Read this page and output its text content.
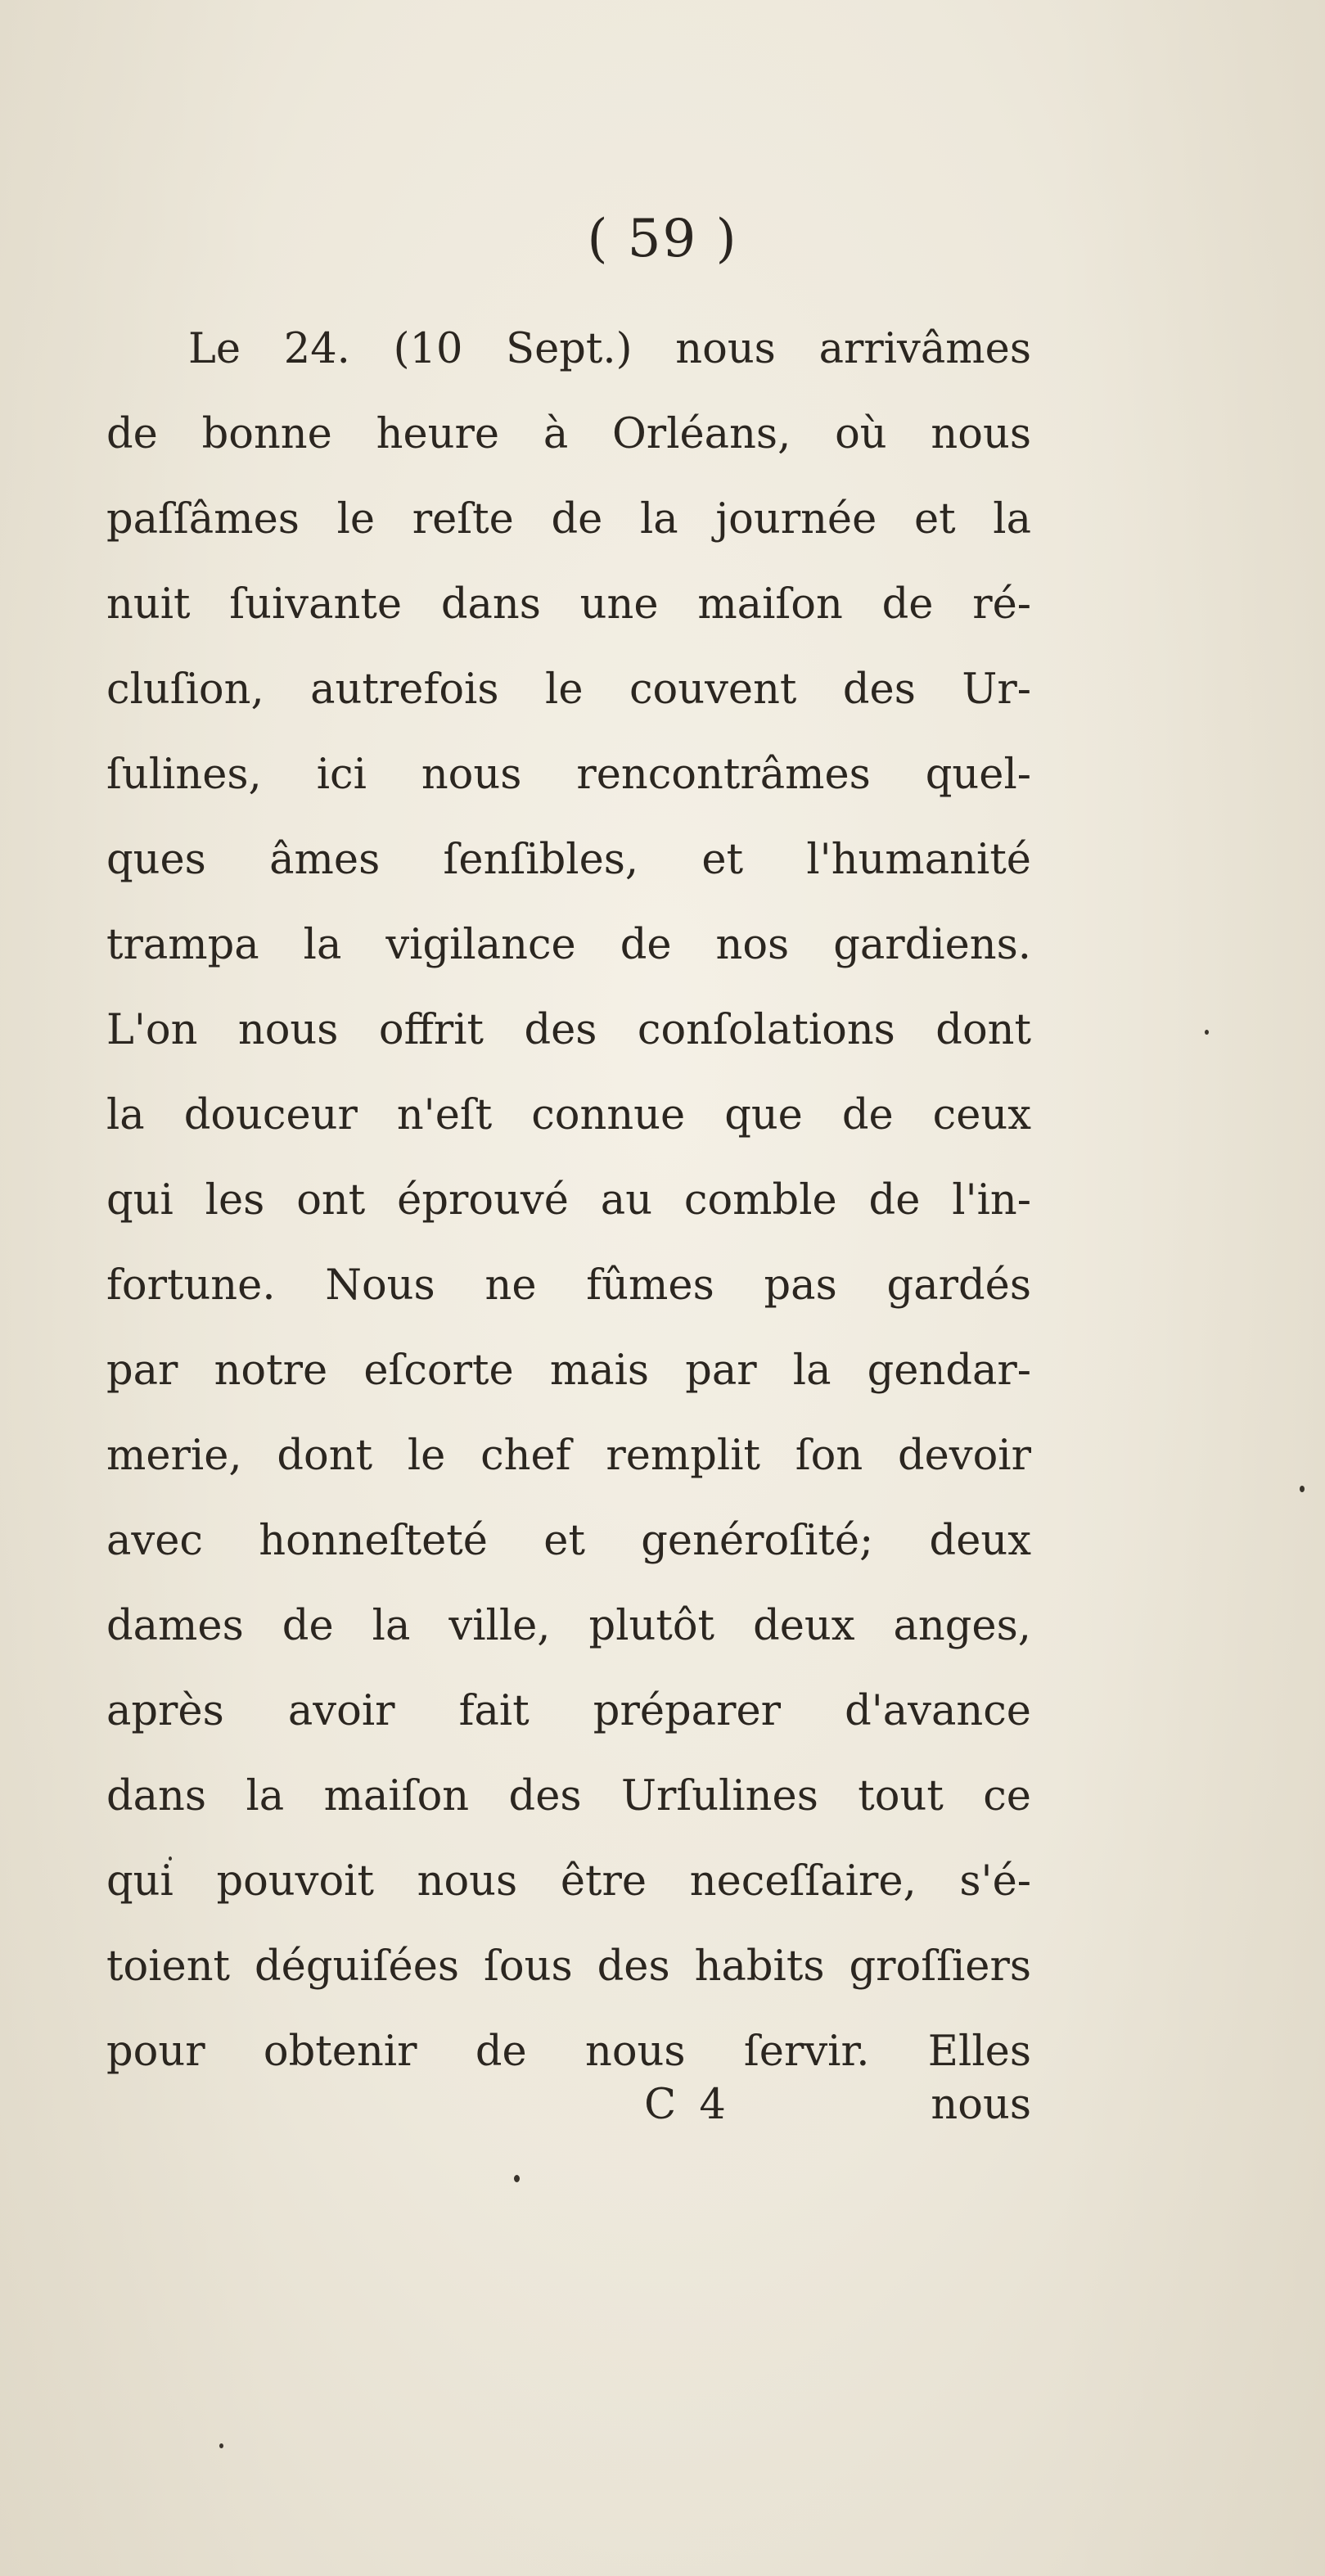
( 59 )
Le 24. (10 Sept.) nous arrivâmes
de bonne heure à Orléans, où nous
paſſâmes le reſte de la journée et la
nuit ſuivante dans une maiſon de ré-
cluſion, autrefois le couvent des Ur-
ſulines, ici nous rencontrâmes quel-
ques âmes ſenſibles, et l'humanité
trampa la vigilance de nos gardiens.
L'on nous offrit des conſolations dont
la douceur n'eſt connue que de ceux
qui les ont éprouvé au comble de l'in-
fortune. Nous ne fûmes pas gardés
par notre eſcorte mais par la gendar-
merie, dont le chef remplit ſon devoir
avec honneſteté et genéroſité; deux
dames de la ville, plutôt deux anges,
après avoir fait préparer d'avance
dans la maiſon des Urſulines tout ce
qui pouvoit nous être neceſſaire, s'é-
toient déguiſées ſous des habits groſſiers
pour obtenir de nous ſervir. Elles
C 4	nous
